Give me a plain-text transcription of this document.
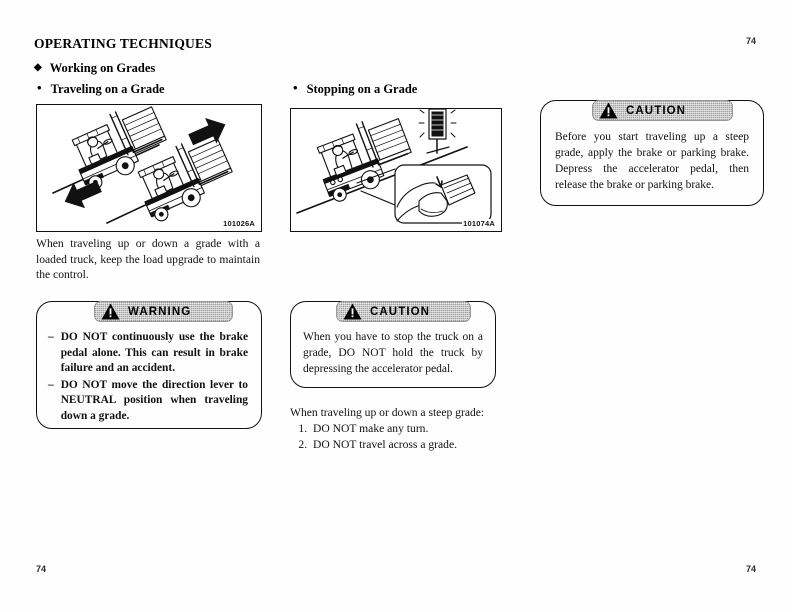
74
74	74
OPERATING TECHNIQUES
◆ Working on Grades
• Traveling on a Grade	• Stopping on a Grade
101026A	101074A
When traveling up or down a grade with a loaded truck, keep the load upgrade to maintain the control.
CAUTION
Before you start traveling up a steep grade, apply the brake or parking brake. Depress the accelerator pedal, then release the brake or parking brake.
WARNING
– DO NOT continuously use the brake pedal alone. This can result in brake failure and an accident.
– DO NOT move the direction lever to NEUTRAL position when traveling down a grade.
CAUTION
When you have to stop the truck on a grade, DO NOT hold the truck by depressing the accelerator pedal.
When traveling up or down a steep grade:
1. DO NOT make any turn.
2. DO NOT travel across a grade.
